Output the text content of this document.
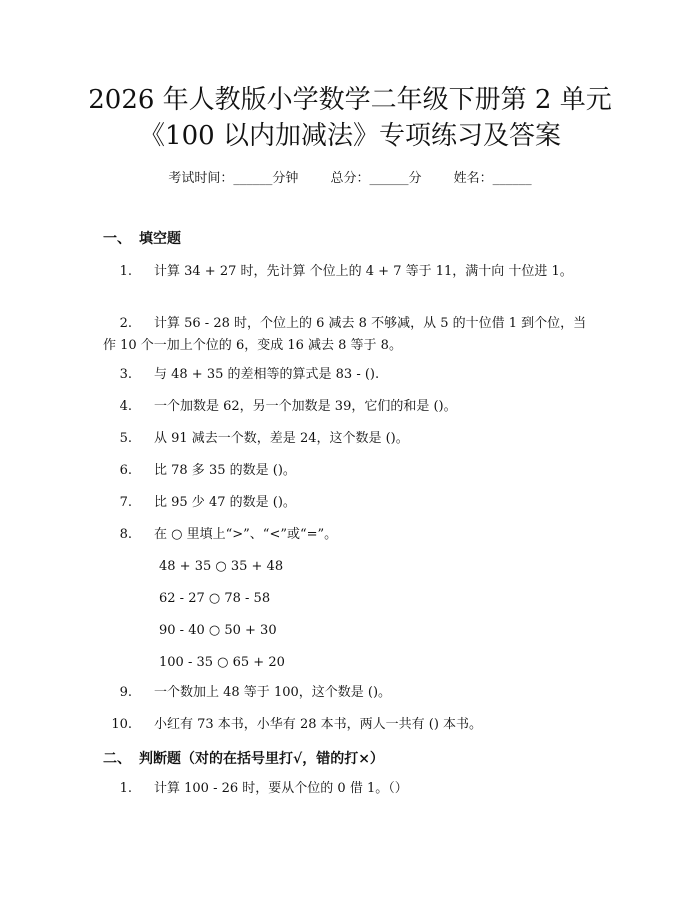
2026 年人教版小学数学二年级下册第 2 单元
《100 以内加减法》专项练习及答案
考试时间：______分钟 总分：______分 姓名：______
一、 填空题
1. 计算 34 + 27 时，先计算 个位上的 4 + 7 等于 11，满十向 十位进 1。
2. 计算 56 - 28 时，个位上的 6 减去 8 不够减，从 5 的十位借 1 到个位，当作 10 个一加上个位的 6，变成 16 减去 8 等于 8。
3. 与 48 + 35 的差相等的算式是 83 - ().
4. 一个加数是 62，另一个加数是 39，它们的和是 ()。
5. 从 91 减去一个数，差是 24，这个数是 ()。
6. 比 78 多 35 的数是 ()。
7. 比 95 少 47 的数是 ()。
8. 在 ○ 里填上“>”、“<”或“=”。
48 + 35 ○ 35 + 48
62 - 27 ○ 78 - 58
90 - 40 ○ 50 + 30
100 - 35 ○ 65 + 20
9. 一个数加上 48 等于 100，这个数是 ()。
10. 小红有 73 本书，小华有 28 本书，两人一共有 () 本书。
二、 判断题（对的在括号里打√，错的打×）
1. 计算 100 - 26 时，要从个位的 0 借 1。（）
